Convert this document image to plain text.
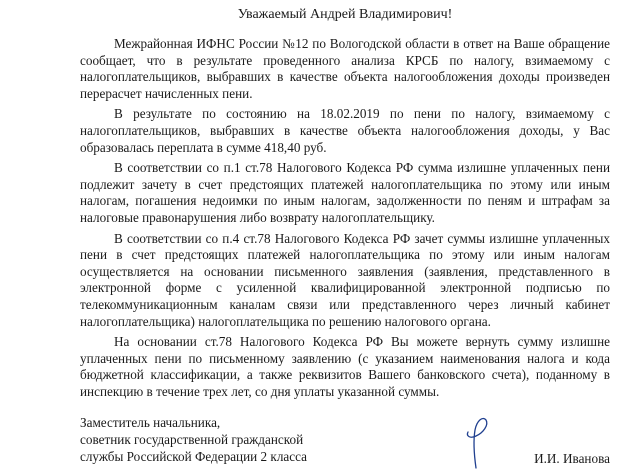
Уважаемый Андрей Владимирович!

Межрайонная ИФНС России №12 по Вологодской области в ответ на Ваше обращение сообщает, что в результате проведенного анализа КРСБ по налогу, взимаемому с налогоплательщиков, выбравших в качестве объекта налогообложения доходы произведен перерасчет начисленных пени.

В результате по состоянию на 18.02.2019 по пени по налогу, взимаемому с налогоплательщиков, выбравших в качестве объекта налогообложения доходы, у Вас образовалась переплата в сумме 418,40 руб.

В соответствии со п.1 ст.78 Налогового Кодекса РФ сумма излишне уплаченных пени подлежит зачету в счет предстоящих платежей налогоплательщика по этому или иным налогам, погашения недоимки по иным налогам, задолженности по пеням и штрафам за налоговые правонарушения либо возврату налогоплательщику.

В соответствии со п.4 ст.78 Налогового Кодекса РФ зачет суммы излишне уплаченных пени в счет предстоящих платежей налогоплательщика по этому или иным налогам осуществляется на основании письменного заявления (заявления, представленного в электронной форме с усиленной квалифицированной электронной подписью по телекоммуникационным каналам связи или представленного через личный кабинет налогоплательщика) налогоплательщика по решению налогового органа.

На основании ст.78 Налогового Кодекса РФ Вы можете вернуть сумму излишне уплаченных пени по письменному заявлению (с указанием наименования налога и кода бюджетной классификации, а также реквизитов Вашего банковского счета), поданному в инспекцию в течение трех лет, со дня уплаты указанной суммы.

Заместитель начальника,
советник государственной гражданской
службы Российской Федерации 2 класса	И.И. Иванова
